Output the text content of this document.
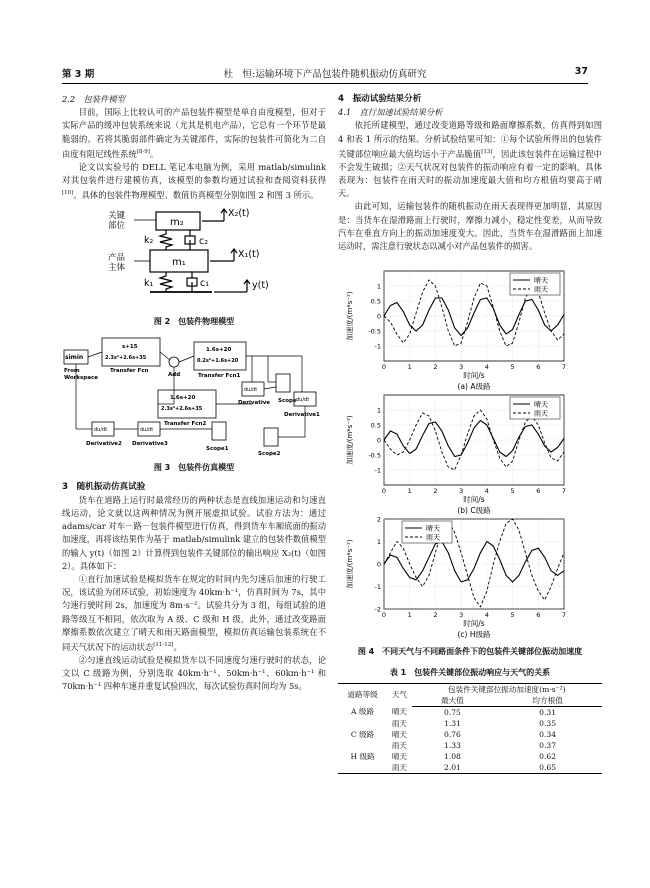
第 3 期	杜　恒:运输环境下产品包装件随机振动仿真研究	37

2.2　包装件模型

目前，国际上比较认可的产品包装件模型是单自由度模型，但对于实际产品的缓冲包装系统来说（尤其是机电产品），它总有一个环节是最脆弱的。若将其脆弱部件确定为关键部件，实际的包装件可简化为二自由度有阻尼线性系统[8-9]。

论文以实验号的 DELL 笔记本电脑为例，采用 matlab/simulink 对其包装件进行建模仿真，该模型的参数均通过试验和查阅资料获得[10]。具体的包装件物理模型、数值仿真模型分别如图 2 和图 3 所示。

关键
部位
产品
主体
m₂
m₁
k₂	c₂
k₁	c₁
X₂(t)
X₁(t)
y(t)

图 2　包装件物理模型

simin
From
Workspace
s+15
2.3s²+2.6s+35
Transfer Fcn
Add
1.6s+20
0.2s²+1.6s+20
Transfer Fcn1
du/dt
Derivative	du/dt
Derivative1
Scope
1.6s+20
2.3s²+2.6s+35
Transfer Fcn2
du/dt
Derivative2
du/dt
Derivative3
Scope1
Scope2

图 3　包装件仿真模型

3　随机振动仿真试验

货车在道路上运行时最常经历的两种状态是直线加速运动和匀速直线运动，论文就以这两种情况为例开展虚拟试验。试验方法为：通过 adams/car 对车－路－包装件模型进行仿真，得到货车车厢底面的振动加速度，再将该结果作为基于 matlab/simulink 建立的包装件数值模型的输入 y(t)（如图 2）计算得到包装件关键部位的输出响应 X₂(t)（如图 2）。具体如下：

①直行加速试验是模拟货车在规定的时间内先匀速后加速的行驶工况，该试验为闭环试验，初始速度为 40km·h⁻¹，仿真时间为 7s，其中匀速行驶时间 2s，加速度为 8m·s⁻²。试验共分为 3 组，每组试验的道路等级互不相同，依次取为 A 级、C 级和 H 级，此外，通过改变路面摩擦系数依次建立了晴天和雨天路面模型，模拟仿真运输包装系统在不同天气状况下的运动状态[11-12]。

②匀速直线运动试验是模拟货车以不同速度匀速行驶时的状态，论文以 C 级路为例，分别选取 40km·h⁻¹、50km·h⁻¹、60km·h⁻¹ 和 70km·h⁻¹ 四种车速并重复试验四次，每次试验仿真时间均为 5s。

4　振动试验结果分析

4.1　直行加速试验结果分析

依托所建模型，通过改变道路等级和路面摩擦系数，仿真得到如图 4 和表 1 所示的结果。分析试验结果可知：①每个试验所得出的包装件关键部位响应最大值均远小于产品脆值[13]，因此该包装件在运输过程中不会发生破损；②天气状况对包装件的振动响应有着一定的影响，具体表现为：包装件在雨天时的振动加速度最大值和均方根值均要高于晴天。

由此可知，运输包装件的随机振动在雨天表现得更加明显，其原因是：当货车在湿滑路面上行驶时，摩擦力减小，稳定性变差，从而导致汽车在垂直方向上的振动加速度变大。因此，当货车在湿滑路面上加速运动时，需注意行驶状态以减小对产品包装件的损害。

0	1	2	3	4	5	6	7
-1
-0.5
0
0.5
1
晴天
雨天
时间/s
加速度/(m*s⁻²)
(a) A级路
0	1	2	3	4	5	6	7
-1
-0.5
0
0.5
1
晴天
雨天
时间/s
加速度/(m*s⁻²)
(b) C级路
0	1	2	3	4	5	6	7
-2
-1
0
1
2
晴天
雨天
时间/s
加速度/(m*s⁻²)
(c) H级路

图 4　不同天气与不同路面条件下的包装件关键部位振动加速度

表 1　包装件关键部位振动响应与天气的关系

道路等级	天气	包装件关键部位振动加速度(m·s⁻²)	
		最大值	均方根值
A 级路	晴天	0.75	0.31
	雨天	1.31	0.35
C 级路	晴天	0.76	0.34
	雨天	1.33	0.37
H 级路	晴天	1.08	0.62
	雨天	2.01	0.65
